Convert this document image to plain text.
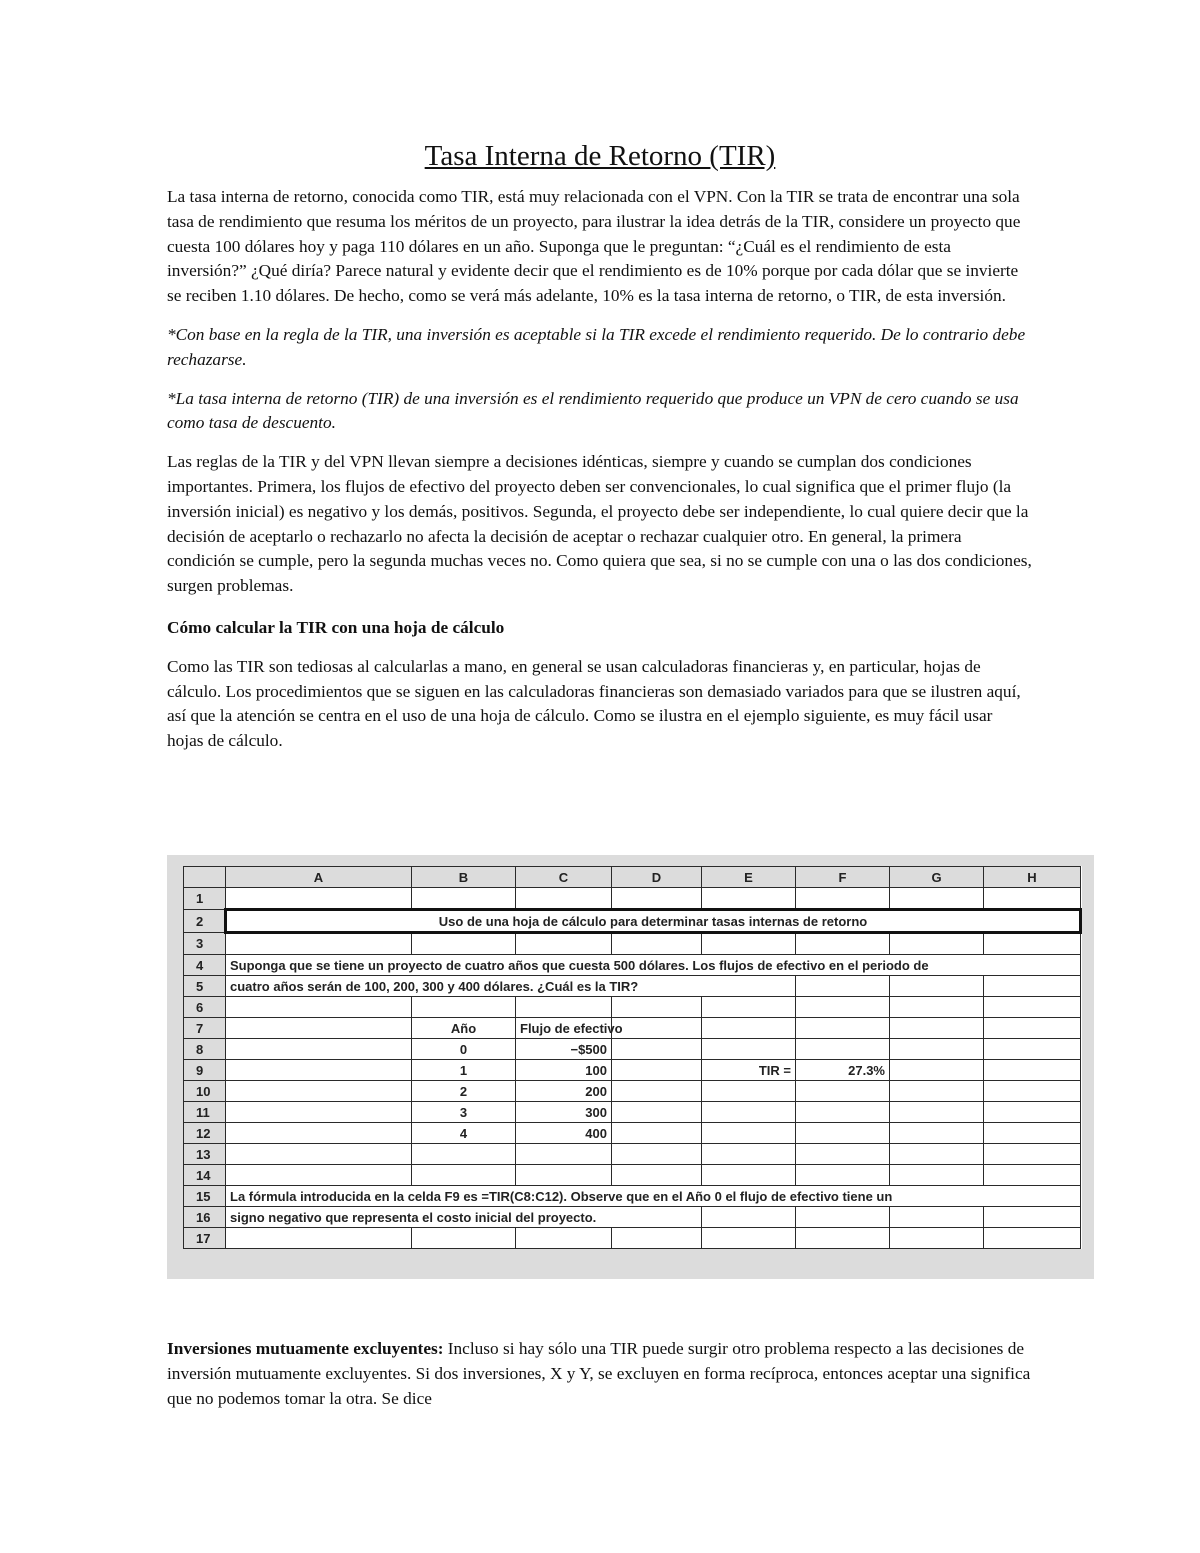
Tasa Interna de Retorno (TIR)

La tasa interna de retorno, conocida como TIR, está muy relacionada con el VPN. Con la TIR se trata de encontrar una sola tasa de rendimiento que resuma los méritos de un proyecto, para ilustrar la idea detrás de la TIR, considere un proyecto que cuesta 100 dólares hoy y paga 110 dólares en un año. Suponga que le preguntan: “¿Cuál es el rendimiento de esta inversión?” ¿Qué diría? Parece natural y evidente decir que el rendimiento es de 10% porque por cada dólar que se invierte se reciben 1.10 dólares. De hecho, como se verá más adelante, 10% es la tasa interna de retorno, o TIR, de esta inversión.

*Con base en la regla de la TIR, una inversión es aceptable si la TIR excede el rendimiento requerido. De lo contrario debe rechazarse.

*La tasa interna de retorno (TIR) de una inversión es el rendimiento requerido que produce un VPN de cero cuando se usa como tasa de descuento.

Las reglas de la TIR y del VPN llevan siempre a decisiones idénticas, siempre y cuando se cumplan dos condiciones importantes. Primera, los flujos de efectivo del proyecto deben ser convencionales, lo cual significa que el primer flujo (la inversión inicial) es negativo y los demás, positivos. Segunda, el proyecto debe ser independiente, lo cual quiere decir que la decisión de aceptarlo o rechazarlo no afecta la decisión de aceptar o rechazar cualquier otro. En general, la primera condición se cumple, pero la segunda muchas veces no. Como quiera que sea, si no se cumple con una o las dos condiciones, surgen problemas.

Cómo calcular la TIR con una hoja de cálculo

Como las TIR son tediosas al calcularlas a mano, en general se usan calculadoras financieras y, en particular, hojas de cálculo. Los procedimientos que se siguen en las calculadoras financieras son demasiado variados para que se ilustren aquí, así que la atención se centra en el uso de una hoja de cálculo. Como se ilustra en el ejemplo siguiente, es muy fácil usar hojas de cálculo.

	A	B	C	D	E	F	G	H
1								
2	Uso de una hoja de cálculo para determinar tasas internas de retorno							
3								
4	Suponga que se tiene un proyecto de cuatro años que cuesta 500 dólares. Los flujos de efectivo en el periodo de							
5	cuatro años serán de 100, 200, 300 y 400 dólares. ¿Cuál es la TIR?							
6								
7		Año	Flujo de efectivo					
8		0	−$500					
9		1	100		TIR =	27.3%		
10		2	200					
11		3	300					
12		4	400					
13								
14								
15	La fórmula introducida en la celda F9 es =TIR(C8:C12). Observe que en el Año 0 el flujo de efectivo tiene un							
16	signo negativo que representa el costo inicial del proyecto.							
17								

Inversiones mutuamente excluyentes: Incluso si hay sólo una TIR puede surgir otro problema respecto a las decisiones de inversión mutuamente excluyentes. Si dos inversiones, X y Y, se excluyen en forma recíproca, entonces aceptar una significa que no podemos tomar la otra. Se dice
